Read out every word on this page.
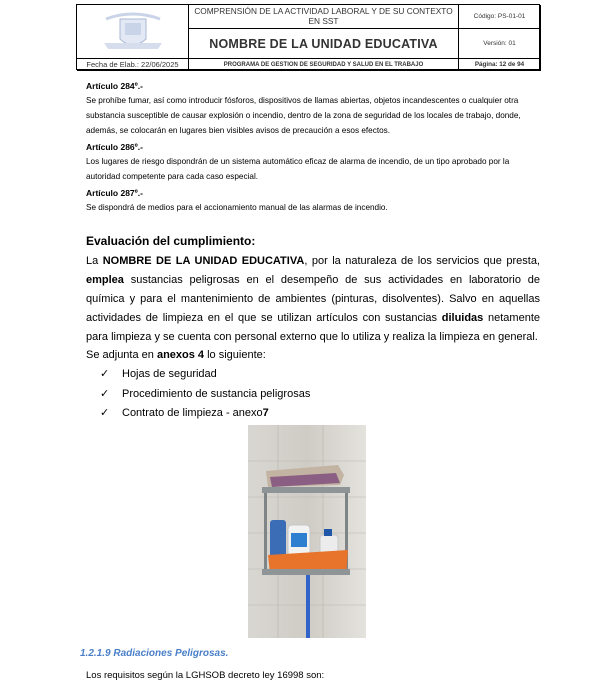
COMPRENSIÓN DE LA ACTIVIDAD LABORAL Y DE SU CONTEXTO EN SST
NOMBRE DE LA UNIDAD EDUCATIVA
Código: PS-01-01
Versión: 01
Fecha de Elab.: 22/06/2025	PROGRAMA DE GESTION DE SEGURIDAD Y SALUD EN EL TRABAJO	Página: 12 de 94
Artículo 284º.-
Se prohíbe fumar, así como introducir fósforos, dispositivos de llamas abiertas, objetos incandescentes o cualquier otra substancia susceptible de causar explosión o incendio, dentro de la zona de seguridad de los locales de trabajo, donde, además, se colocarán en lugares bien visibles avisos de precaución a esos efectos.
Artículo 286º.-
Los lugares de riesgo dispondrán de un sistema automático eficaz de alarma de incendio, de un tipo aprobado por la autoridad competente para cada caso especial.
Artículo 287º.-
Se dispondrá de medios para el accionamiento manual de las alarmas de incendio.
Evaluación del cumplimiento:
La NOMBRE DE LA UNIDAD EDUCATIVA, por la naturaleza de los servicios que presta, emplea sustancias peligrosas en el desempeño de sus actividades en laboratorio de química y para el mantenimiento de ambientes (pinturas, disolventes). Salvo en aquellas actividades de limpieza en el que se utilizan artículos con sustancias diluidas netamente para limpieza y se cuenta con personal externo que lo utiliza y realiza la limpieza en general.
Se adjunta en anexos 4 lo siguiente:
✓	Hojas de seguridad
✓	Procedimiento de sustancia peligrosas
✓	Contrato de limpieza - anexo 7
1.2.1.9 Radiaciones Peligrosas.
Los requisitos según la LGHSOB decreto ley 16998 son:
